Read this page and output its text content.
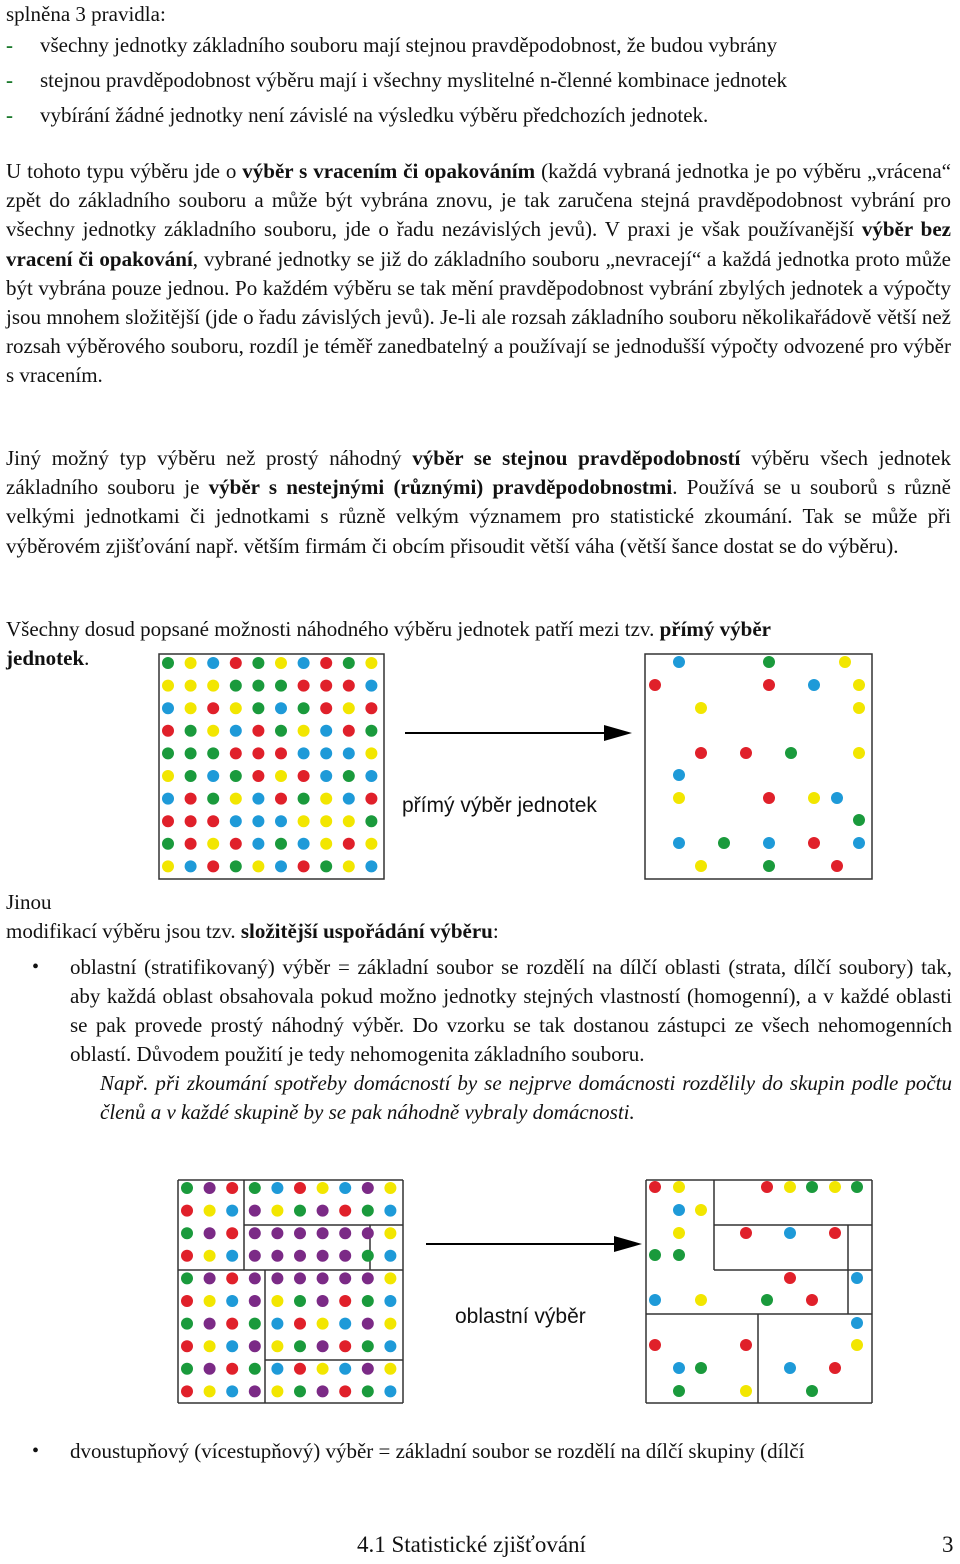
splněna 3 pravidla:
- všechny jednotky základního souboru mají stejnou pravděpodobnost, že budou vybrány
- stejnou pravděpodobnost výběru mají i všechny myslitelné n-členné kombinace jednotek
- vybírání žádné jednotky není závislé na výsledku výběru předchozích jednotek.
U tohoto typu výběru jde o výběr s vracením či opakováním (každá vybraná jednotka je po výběru „vrácena“ zpět do základního souboru a může být vybrána znovu, je tak zaručena stejná pravděpodobnost vybrání pro všechny jednotky základního souboru, jde o řadu nezávislých jevů). V praxi je však používanější výběr bez vracení či opakování, vybrané jednotky se již do základního souboru „nevracejí“ a každá jednotka proto může být vybrána pouze jednou. Po každém výběru se tak mění pravděpodobnost vybrání zbylých jednotek a výpočty jsou mnohem složitější (jde o řadu závislých jevů). Je-li ale rozsah základního souboru několikařádově větší než rozsah výběrového souboru, rozdíl je téměř zanedbatelný a používají se jednodušší výpočty odvozené pro výběr s vracením.
Jiný možný typ výběru než prostý náhodný výběr se stejnou pravděpodobností výběru všech jednotek základního souboru je výběr s nestejnými (různými) pravděpodobnostmi. Používá se u souborů s různě velkými jednotkami či jednotkami s různě velkým významem pro statistické zkoumání. Tak se může při výběrovém zjišťování např. větším firmám či obcím přisoudit větší váha (větší šance dostat se do výběru).
Všechny dosud popsané možnosti náhodného výběru jednotek patří mezi tzv. přímý výběr
jednotek.
přímý výběr jednotek
Jinou
modifikací výběru jsou tzv. složitější uspořádání výběru:
•	oblastní (stratifikovaný) výběr = základní soubor se rozdělí na dílčí oblasti (strata, dílčí soubory) tak, aby každá oblast obsahovala pokud možno jednotky stejných vlastností (homogenní), a v každé oblasti se pak provede prostý náhodný výběr. Do vzorku se tak dostanou zástupci ze všech nehomogenních oblastí. Důvodem použití je tedy nehomogenita základního souboru.
Např. při zkoumání spotřeby domácností by se nejprve domácnosti rozdělily do skupin podle počtu členů a v každé skupině by se pak náhodně vybraly domácnosti.
oblastní výběr
• dvoustupňový (vícestupňový) výběr = základní soubor se rozdělí na dílčí skupiny (dílčí
4.1 Statistické zjišťování	3
